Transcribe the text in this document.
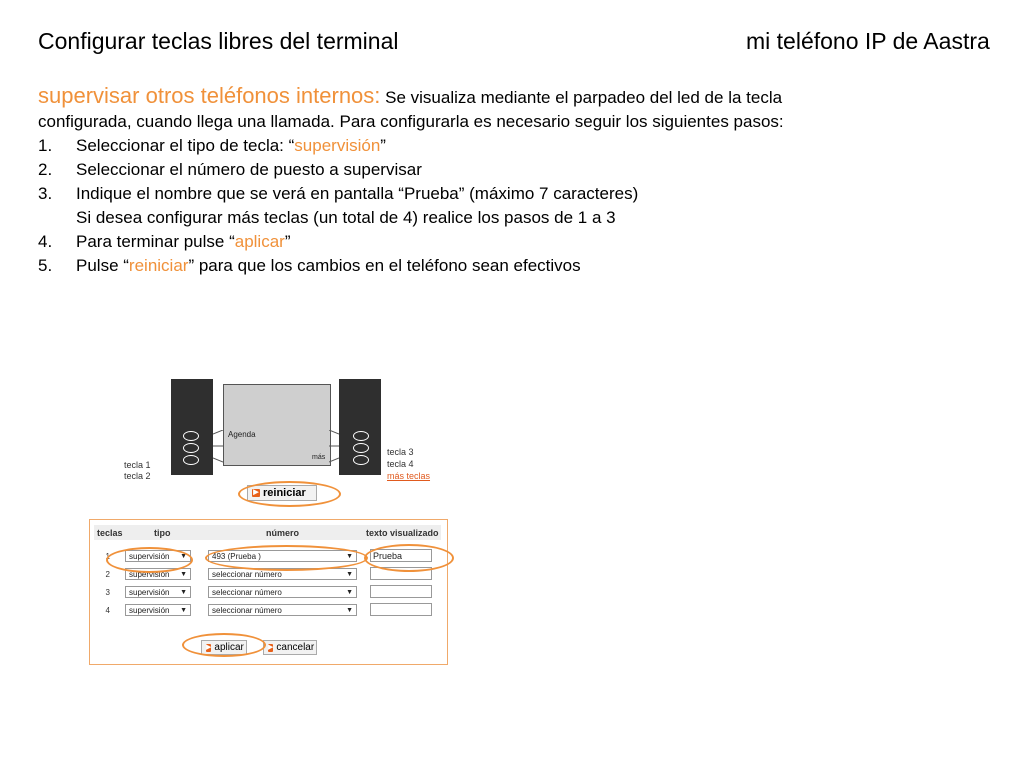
Configurar teclas libres del terminal	mi teléfono IP de Aastra
supervisar otros teléfonos internos: Se visualiza mediante el parpadeo del led de la tecla configurada, cuando llega una llamada. Para configurarla es necesario seguir los siguientes pasos:
1. Seleccionar el tipo de tecla: “supervisión”
2. Seleccionar el número de puesto a supervisar
3. Indique el nombre que se verá en pantalla “Prueba” (máximo 7 caracteres)
Si desea configurar más teclas (un total de 4) realice los pasos de 1 a 3
4. Para terminar pulse “aplicar”
5. Pulse “reiniciar” para que los cambios en el teléfono sean efectivos
Agenda
más
tecla 1
tecla 2
tecla 3
tecla 4
más teclas
▶ reiniciar
teclas	tipo	número	texto visualizado
1	supervisión ▼	493 (Prueba )	▼	Prueba
2	supervisión ▼	seleccionar número	▼
3	supervisión ▼	seleccionar número	▼
4	supervisión ▼	seleccionar número	▼
▶ aplicar	▶ cancelar
